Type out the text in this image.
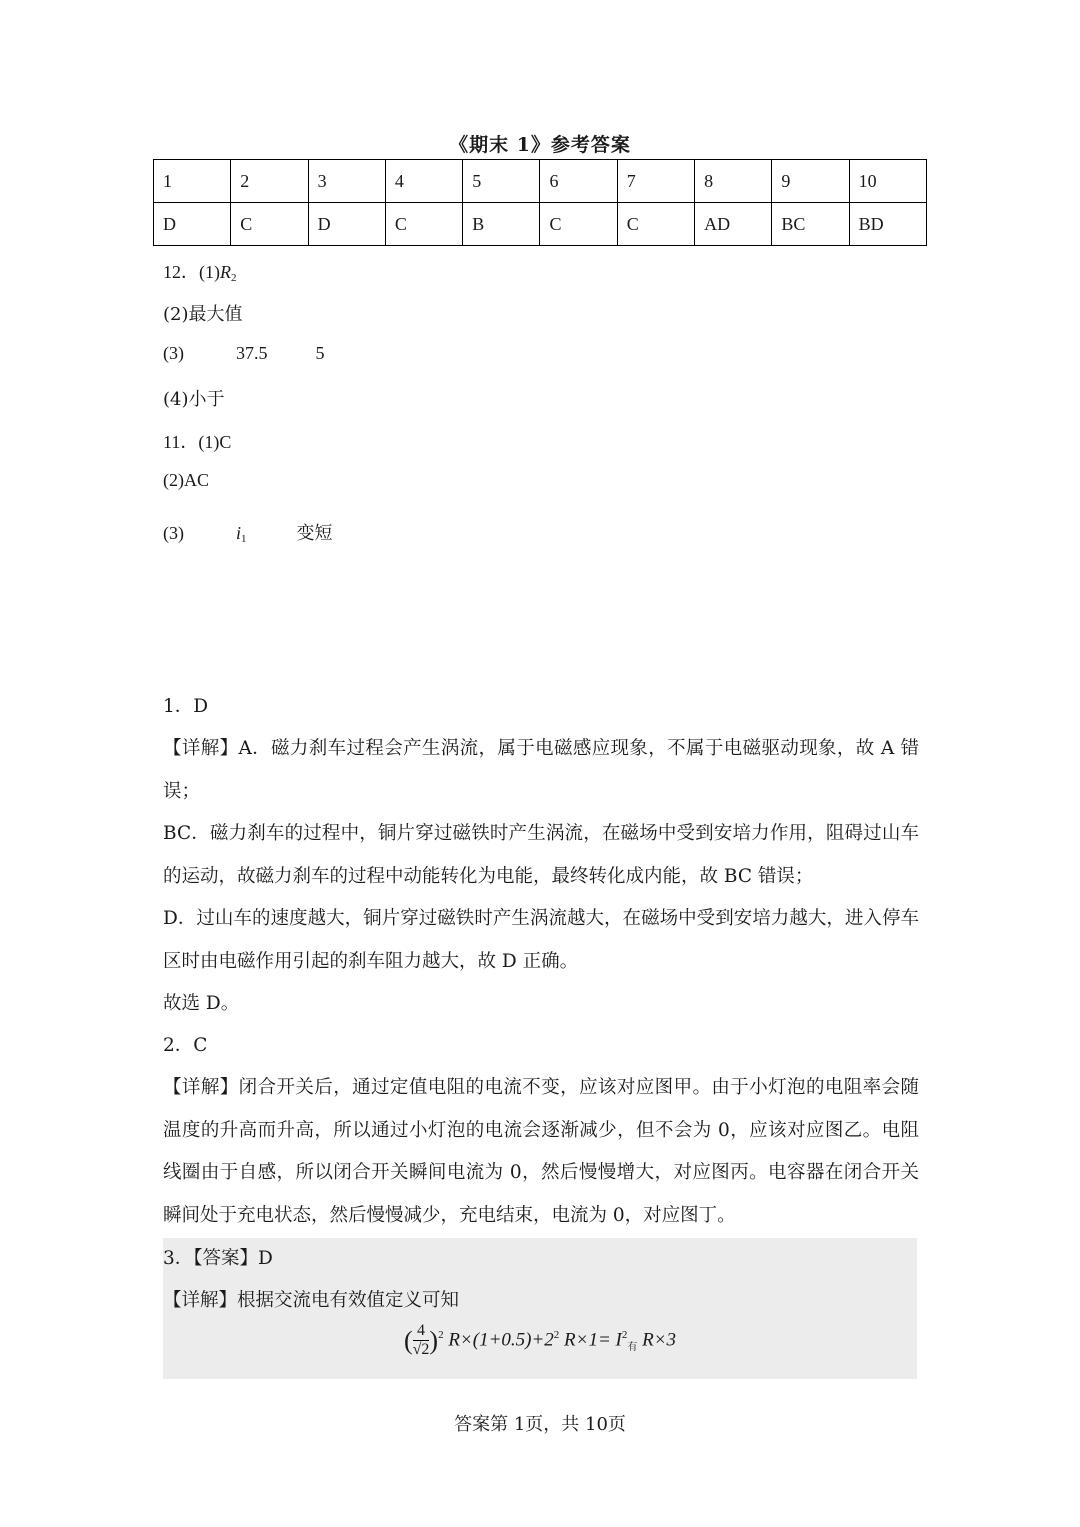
《期末 1》参考答案
1	2	3	4	5	6	7	8	9	10
D	C	D	C	B	C	C	AD	BC	BD
12．$(1)R_2$
(2)最大值
(3)	37.5	5
(4)小于
11．(1)C
(2)AC
(3)	$i_1$	变短
1．D
【详解】A．磁力刹车过程会产生涡流，属于电磁感应现象，不属于电磁驱动现象，故 A 错误；
BC．磁力刹车的过程中，铜片穿过磁铁时产生涡流，在磁场中受到安培力作用，阻碍过山车的运动，故磁力刹车的过程中动能转化为电能，最终转化成内能，故 BC 错误；
D．过山车的速度越大，铜片穿过磁铁时产生涡流越大，在磁场中受到安培力越大，进入停车区时由电磁作用引起的刹车阻力越大，故 D 正确。
故选 D。
2．C
【详解】闭合开关后，通过定值电阻的电流不变，应该对应图甲。由于小灯泡的电阻率会随温度的升高而升高，所以通过小灯泡的电流会逐渐减少，但不会为 0，应该对应图乙。电阻线圈由于自感，所以闭合开关瞬间电流为 0，然后慢慢增大，对应图丙。电容器在闭合开关瞬间处于充电状态，然后慢慢减少，充电结束，电流为 0，对应图丁。
3．【答案】D
【详解】根据交流电有效值定义可知
( $\frac{4}{√2} )^2$ $R\times(1+0.5)+2^2$ $R\times 1= I^2_有$ R×3
答案第 1页，共 10页
